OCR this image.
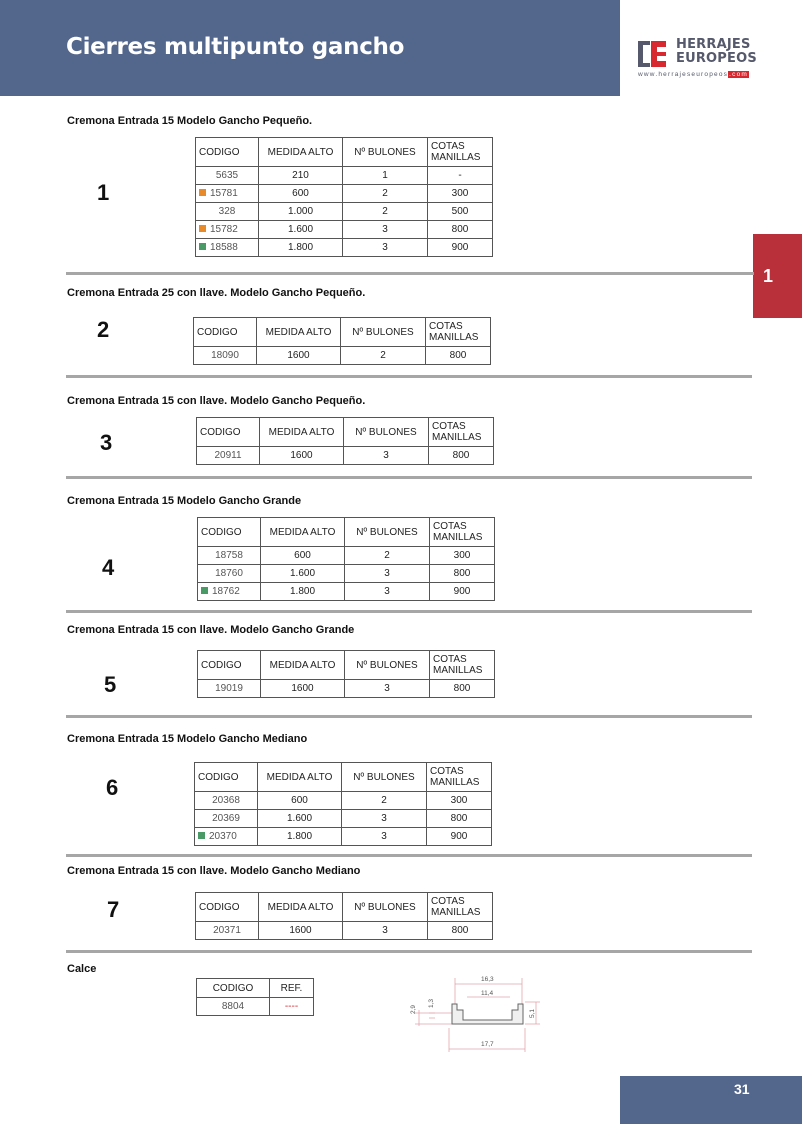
Cierres multipunto gancho	HERRAJES
EUROPEOS
www.herrajeseuropeos.com
1
Cremona Entrada 15 Modelo Gancho Pequeño.
1
CODIGO	MEDIDA ALTO	Nº BULONES	COTAS
MANILLAS

5635	210	1	-
15781	600	2	300
328	1.000	2	500
15782	1.600	3	800
18588	1.800	3	900
Cremona Entrada 25 con llave. Modelo Gancho Pequeño.
2	CODIGO	MEDIDA ALTO	Nº BULONES	COTAS
MANILLAS

18090	1600	2	800
Cremona Entrada 15 con llave. Modelo Gancho Pequeño.
3	CODIGO	MEDIDA ALTO	Nº BULONES	COTAS
MANILLAS

20911	1600	3	800
Cremona Entrada 15 Modelo Gancho Grande
4
CODIGO	MEDIDA ALTO	Nº BULONES	COTAS
MANILLAS

18758	600	2	300
18760	1.600	3	800
18762	1.800	3	900
Cremona Entrada 15 con llave. Modelo Gancho Grande
5
CODIGO	MEDIDA ALTO	Nº BULONES	COTAS
MANILLAS

19019	1600	3	800
Cremona Entrada 15 Modelo Gancho Mediano
6	CODIGO	MEDIDA ALTO	Nº BULONES	COTAS
MANILLAS

20368	600	2	300
20369	1.600	3	800
20370	1.800	3	900
Cremona Entrada 15 con llave. Modelo Gancho Mediano
7	CODIGO	MEDIDA ALTO	Nº BULONES	COTAS
MANILLAS

20371	1600	3	800
Calce
CODIGO	REF.
8804	----
16,3
11,4
2,9
1,3
5,1
17,7
31
